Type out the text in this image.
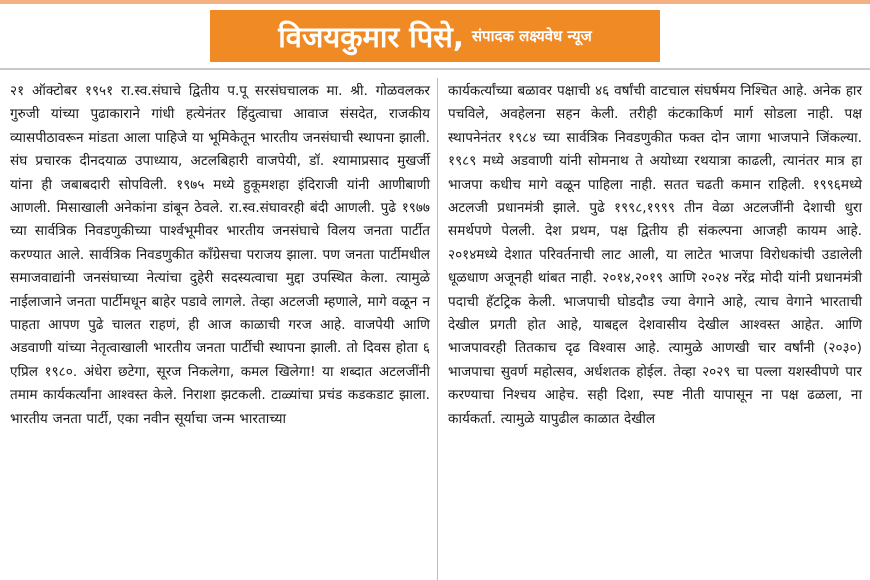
विजयकुमार पिसे, संपादक लक्ष्यवेध न्यूज

२१ ऑक्टोबर १९५१ रा.स्व.संघाचे द्वितीय प.पू सरसंघचालक मा. श्री. गोळवलकर गुरुजी यांच्या पुढाकाराने गांधी हत्येनंतर हिंदुत्वाचा आवाज संसदेत, राजकीय व्यासपीठावरून मांडता आला पाहिजे या भूमिकेतून भारतीय जनसंघाची स्थापना झाली. संघ प्रचारक दीनदयाळ उपाध्याय, अटलबिहारी वाजपेयी, डॉ. श्यामाप्रसाद मुखर्जी यांना ही जबाबदारी सोपविली. १९७५ मध्ये हुकूमशहा इंदिराजी यांनी आणीबाणी आणली. मिसाखाली अनेकांना डांबून ठेवले. रा.स्व.संघावरही बंदी आणली. पुढे १९७७ च्या सार्वत्रिक निवडणुकीच्या पार्श्वभूमीवर भारतीय जनसंघाचे विलय जनता पार्टीत करण्यात आले. सार्वत्रिक निवडणुकीत काँग्रेसचा पराजय झाला. पण जनता पार्टीमधील समाजवाद्यांनी जनसंघाच्या नेत्यांचा दुहेरी सदस्यत्वाचा मुद्दा उपस्थित केला. त्यामुळे नाईलाजाने जनता पार्टीमधून बाहेर पडावे लागले. तेव्हा अटलजी म्हणाले, मागे वळून न पाहता आपण पुढे चालत राहणं, ही आज काळाची गरज आहे. वाजपेयी आणि अडवाणी यांच्या नेतृत्वाखाली भारतीय जनता पार्टीची स्थापना झाली. तो दिवस होता ६ एप्रिल १९८०. अंधेरा छटेगा, सूरज निकलेगा, कमल खिलेगा! या शब्दात अटलजींनी तमाम कार्यकर्त्यांना आश्वस्त केले. निराशा झटकली. टाळ्यांचा प्रचंड कडकडाट झाला. भारतीय जनता पार्टी, एका नवीन सूर्याचा जन्म भारताच्या

कार्यकर्त्यांच्या बळावर पक्षाची ४६ वर्षांची वाटचाल संघर्षमय निश्चित आहे. अनेक हार पचविले, अवहेलना सहन केली. तरीही कंटकाकिर्ण मार्ग सोडला नाही. पक्ष स्थापनेनंतर १९८४ च्या सार्वत्रिक निवडणुकीत फक्त दोन जागा भाजपाने जिंकल्या. १९८९ मध्ये अडवाणी यांनी सोमनाथ ते अयोध्या रथयात्रा काढली, त्यानंतर मात्र हा भाजपा कधीच मागे वळून पाहिला नाही. सतत चढती कमान राहिली. १९९६मध्ये अटलजी प्रधानमंत्री झाले. पुढे १९९८,१९९९ तीन वेळा अटलजींनी देशाची धुरा समर्थपणे पेलली. देश प्रथम, पक्ष द्वितीय ही संकल्पना आजही कायम आहे. २०१४मध्ये देशात परिवर्तनाची लाट आली, या लाटेत भाजपा विरोधकांची उडालेली धूळधाण अजूनही थांबत नाही. २०१४,२०१९ आणि २०२४ नरेंद्र मोदी यांनी प्रधानमंत्री पदाची हॅटट्रिक केली. भाजपाची घोडदौड ज्या वेगाने आहे, त्याच वेगाने भारताची देखील प्रगती होत आहे, याबद्दल देशवासीय देखील आश्वस्त आहेत. आणि भाजपावरही तितकाच दृढ विश्वास आहे. त्यामुळे आणखी चार वर्षांनी (२०३०) भाजपाचा सुवर्ण महोत्सव, अर्धशतक होईल. तेव्हा २०२९ चा पल्ला यशस्वीपणे पार करण्याचा निश्चय आहेच. सही दिशा, स्पष्ट नीती यापासून ना पक्ष ढळला, ना कार्यकर्ता. त्यामुळे यापुढील काळात देखील
